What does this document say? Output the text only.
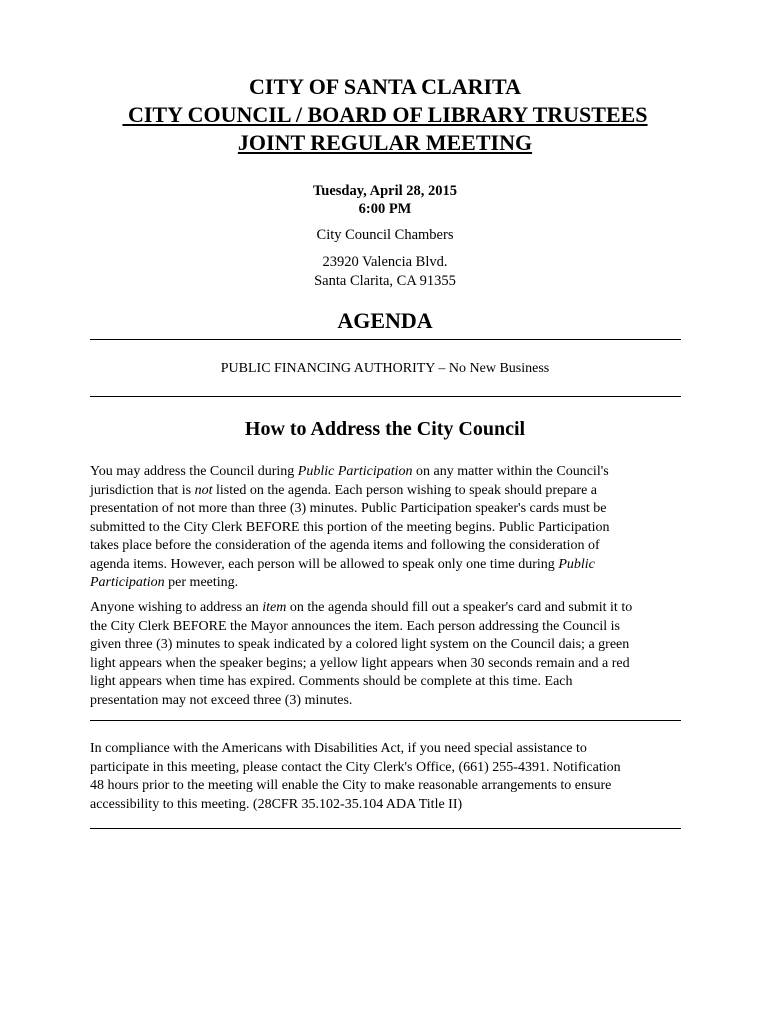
CITY OF SANTA CLARITA
CITY COUNCIL / BOARD OF LIBRARY TRUSTEES
JOINT REGULAR MEETING
Tuesday, April 28, 2015
6:00 PM
City Council Chambers
23920 Valencia Blvd.
Santa Clarita, CA 91355
AGENDA
PUBLIC FINANCING AUTHORITY – No New Business
How to Address the City Council
You may address the Council during Public Participation on any matter within the Council's
jurisdiction that is not listed on the agenda. Each person wishing to speak should prepare a
presentation of not more than three (3) minutes. Public Participation speaker's cards must be
submitted to the City Clerk BEFORE this portion of the meeting begins. Public Participation
takes place before the consideration of the agenda items and following the consideration of
agenda items. However, each person will be allowed to speak only one time during Public
Participation per meeting.
Anyone wishing to address an item on the agenda should fill out a speaker's card and submit it to
the City Clerk BEFORE the Mayor announces the item. Each person addressing the Council is
given three (3) minutes to speak indicated by a colored light system on the Council dais; a green
light appears when the speaker begins; a yellow light appears when 30 seconds remain and a red
light appears when time has expired. Comments should be complete at this time. Each
presentation may not exceed three (3) minutes.
In compliance with the Americans with Disabilities Act, if you need special assistance to
participate in this meeting, please contact the City Clerk's Office, (661) 255-4391. Notification
48 hours prior to the meeting will enable the City to make reasonable arrangements to ensure
accessibility to this meeting. (28CFR 35.102-35.104 ADA Title II)
